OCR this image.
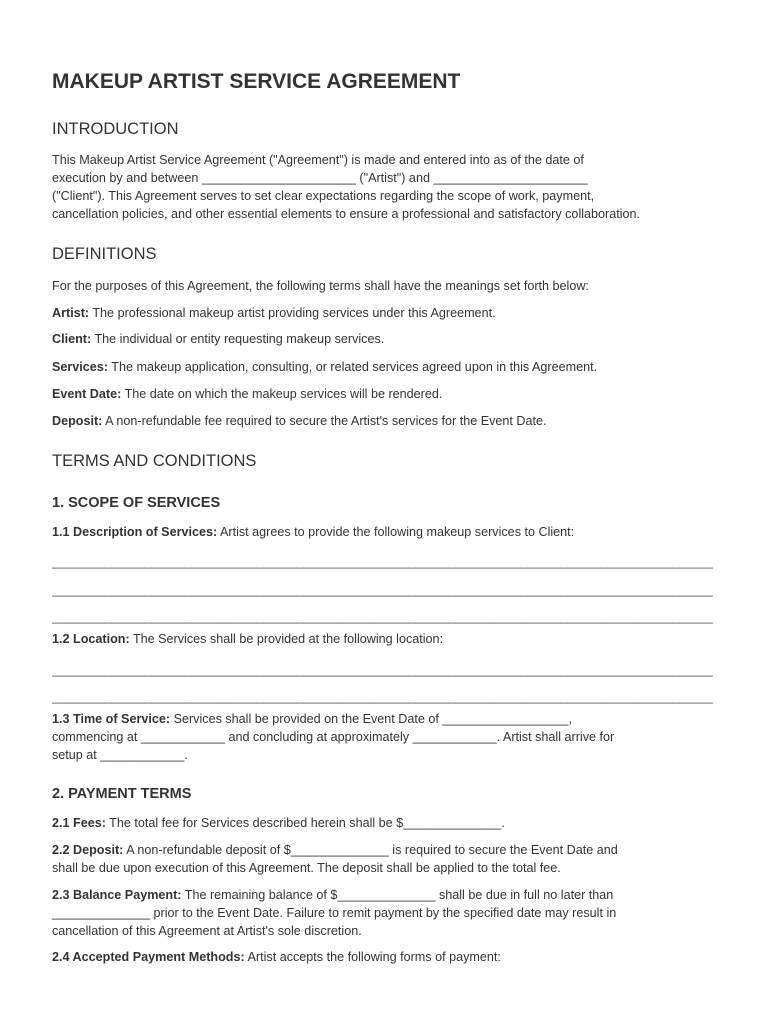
MAKEUP ARTIST SERVICE AGREEMENT
INTRODUCTION

This Makeup Artist Service Agreement ("Agreement") is made and entered into as of the date of
execution by and between ______________________ ("Artist") and ______________________
("Client"). This Agreement serves to set clear expectations regarding the scope of work, payment,
cancellation policies, and other essential elements to ensure a professional and satisfactory collaboration.

DEFINITIONS

For the purposes of this Agreement, the following terms shall have the meanings set forth below:

Artist: The professional makeup artist providing services under this Agreement.

Client: The individual or entity requesting makeup services.

Services: The makeup application, consulting, or related services agreed upon in this Agreement.

Event Date: The date on which the makeup services will be rendered.

Deposit: A non-refundable fee required to secure the Artist's services for the Event Date.

TERMS AND CONDITIONS
1. SCOPE OF SERVICES

1.1 Description of Services: Artist agrees to provide the following makeup services to Client:

____________________________________________________________________________________________________
____________________________________________________________________________________________________
____________________________________________________________________________________________________

1.2 Location: The Services shall be provided at the following location:

____________________________________________________________________________________________________
____________________________________________________________________________________________________

1.3 Time of Service: Services shall be provided on the Event Date of __________________,
commencing at ____________ and concluding at approximately ____________. Artist shall arrive for
setup at ____________.

2. PAYMENT TERMS

2.1 Fees: The total fee for Services described herein shall be $______________.

2.2 Deposit: A non-refundable deposit of $______________ is required to secure the Event Date and
shall be due upon execution of this Agreement. The deposit shall be applied to the total fee.

2.3 Balance Payment: The remaining balance of $______________ shall be due in full no later than
______________ prior to the Event Date. Failure to remit payment by the specified date may result in
cancellation of this Agreement at Artist's sole discretion.

2.4 Accepted Payment Methods: Artist accepts the following forms of payment:
